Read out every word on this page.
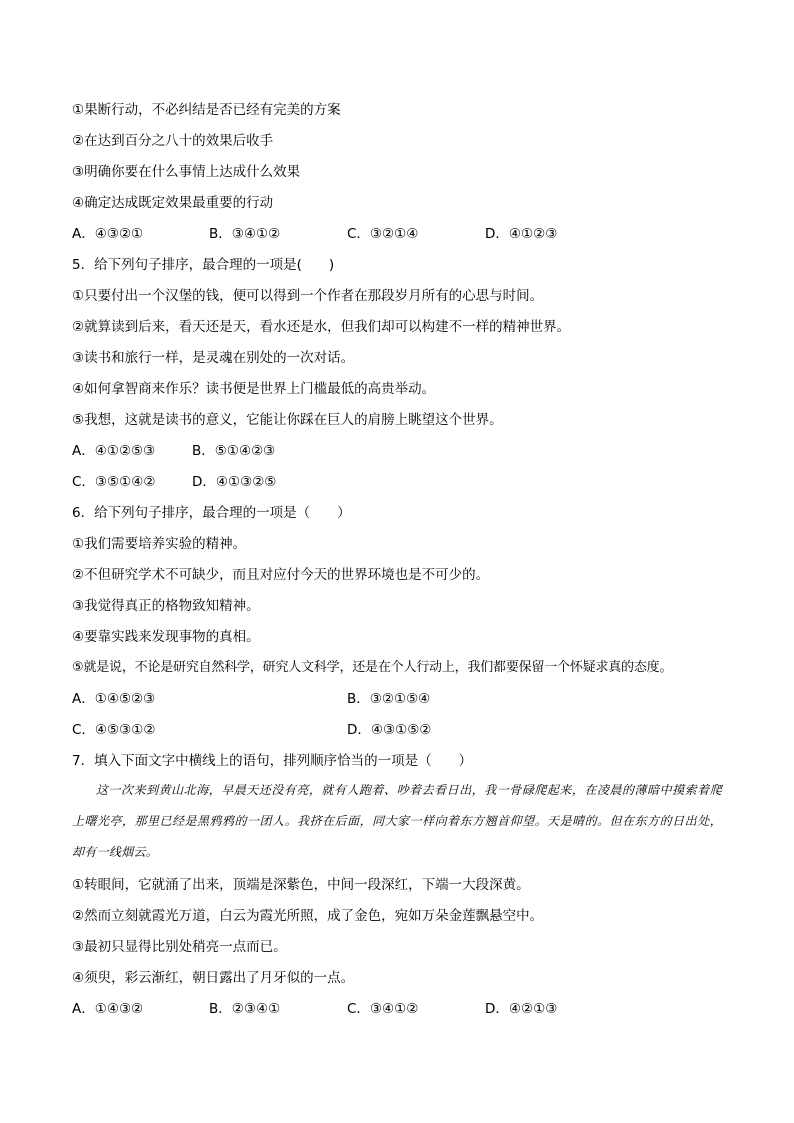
①果断行动，不必纠结是否已经有完美的方案
②在达到百分之八十的效果后收手
③明确你要在什么事情上达成什么效果
④确定达成既定效果最重要的行动
A．④③②①	B．③④①②	C．③②①④	D．④①②③
5．给下列句子排序，最合理的一项是(　　)
①只要付出一个汉堡的钱，便可以得到一个作者在那段岁月所有的心思与时间。
②就算读到后来，看天还是天，看水还是水，但我们却可以构建不一样的精神世界。
③读书和旅行一样，是灵魂在别处的一次对话。
④如何拿智商来作乐？读书便是世界上门槛最低的高贵举动。
⑤我想，这就是读书的意义，它能让你踩在巨人的肩膀上眺望这个世界。
A．④①②⑤③	B．⑤①④②③
C．③⑤①④②	D．④①③②⑤
6．给下列句子排序，最合理的一项是（　　）
①我们需要培养实验的精神。
②不但研究学术不可缺少，而且对应付今天的世界环境也是不可少的。
③我觉得真正的格物致知精神。
④要靠实践来发现事物的真相。
⑤就是说，不论是研究自然科学，研究人文科学，还是在个人行动上，我们都要保留一个怀疑求真的态度。
A．①④⑤②③	B．③②①⑤④
C．④⑤③①②	D．④③①⑤②
7．填入下面文字中横线上的语句，排列顺序恰当的一项是（　　）
这一次来到黄山北海，早晨天还没有亮，就有人跑着、吵着去看日出，我一骨碌爬起来，在凌晨的薄暗中摸索着爬上曙光亭，那里已经是黑鸦鸦的一团人。我挤在后面，同大家一样向着东方翘首仰望。天是晴的。但在东方的日出处，却有一线烟云。
①转眼间，它就涌了出来，顶端是深紫色，中间一段深红，下端一大段深黄。
②然而立刻就霞光万道，白云为霞光所照，成了金色，宛如万朵金莲飘悬空中。
③最初只显得比别处稍亮一点而已。
④须臾，彩云渐红，朝日露出了月牙似的一点。
A．①④③②	B．②③④①	C．③④①②	D．④②①③
